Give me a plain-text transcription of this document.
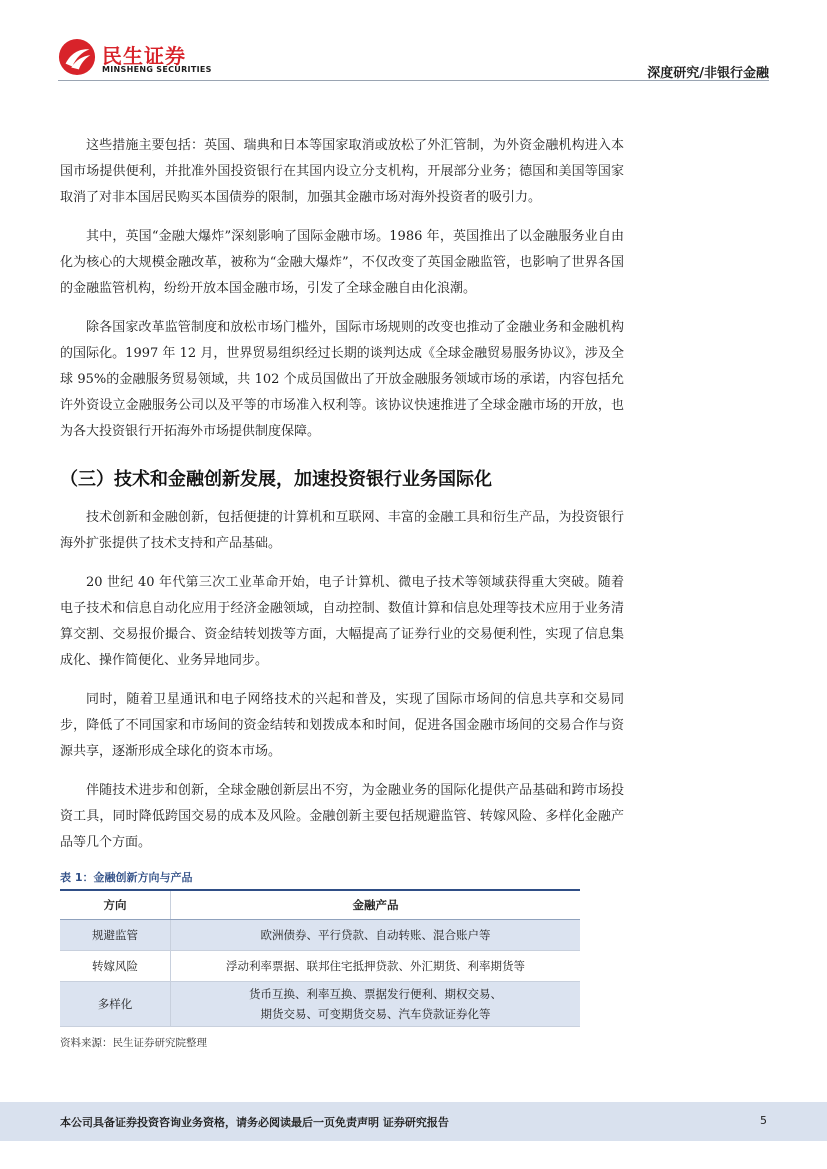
民生证券
MINSHENG SECURITIES	深度研究/非银行金融

这些措施主要包括：英国、瑞典和日本等国家取消或放松了外汇管制，为外资金融机构进入本国市场提供便利，并批准外国投资银行在其国内设立分支机构，开展部分业务；德国和美国等国家取消了对非本国居民购买本国债券的限制，加强其金融市场对海外投资者的吸引力。

其中，英国“金融大爆炸”深刻影响了国际金融市场。1986 年，英国推出了以金融服务业自由化为核心的大规模金融改革，被称为“金融大爆炸”，不仅改变了英国金融监管，也影响了世界各国的金融监管机构，纷纷开放本国金融市场，引发了全球金融自由化浪潮。

除各国家改革监管制度和放松市场门槛外，国际市场规则的改变也推动了金融业务和金融机构的国际化。1997 年 12 月，世界贸易组织经过长期的谈判达成《全球金融贸易服务协议》，涉及全球 95%的金融服务贸易领域，共 102 个成员国做出了开放金融服务领域市场的承诺，内容包括允许外资设立金融服务公司以及平等的市场准入权利等。该协议快速推进了全球金融市场的开放，也为各大投资银行开拓海外市场提供制度保障。

（三）技术和金融创新发展，加速投资银行业务国际化

技术创新和金融创新，包括便捷的计算机和互联网、丰富的金融工具和衍生产品，为投资银行海外扩张提供了技术支持和产品基础。

20 世纪 40 年代第三次工业革命开始，电子计算机、微电子技术等领域获得重大突破。随着电子技术和信息自动化应用于经济金融领域，自动控制、数值计算和信息处理等技术应用于业务清算交割、交易报价撮合、资金结转划拨等方面，大幅提高了证券行业的交易便利性，实现了信息集成化、操作简便化、业务异地同步。

同时，随着卫星通讯和电子网络技术的兴起和普及，实现了国际市场间的信息共享和交易同步，降低了不同国家和市场间的资金结转和划拨成本和时间，促进各国金融市场间的交易合作与资源共享，逐渐形成全球化的资本市场。

伴随技术进步和创新，全球金融创新层出不穷，为金融业务的国际化提供产品基础和跨市场投资工具，同时降低跨国交易的成本及风险。金融创新主要包括规避监管、转嫁风险、多样化金融产品等几个方面。

表 1：金融创新方向与产品
方向	金融产品
规避监管	欧洲债券、平行贷款、自动转账、混合账户等
转嫁风险	浮动利率票据、联邦住宅抵押贷款、外汇期货、利率期货等
多样化	货币互换、利率互换、票据发行便利、期权交易、
期货交易、可变期货交易、汽车贷款证券化等
资料来源：民生证券研究院整理
本公司具备证券投资咨询业务资格，请务必阅读最后一页免责声明 证券研究报告	5
